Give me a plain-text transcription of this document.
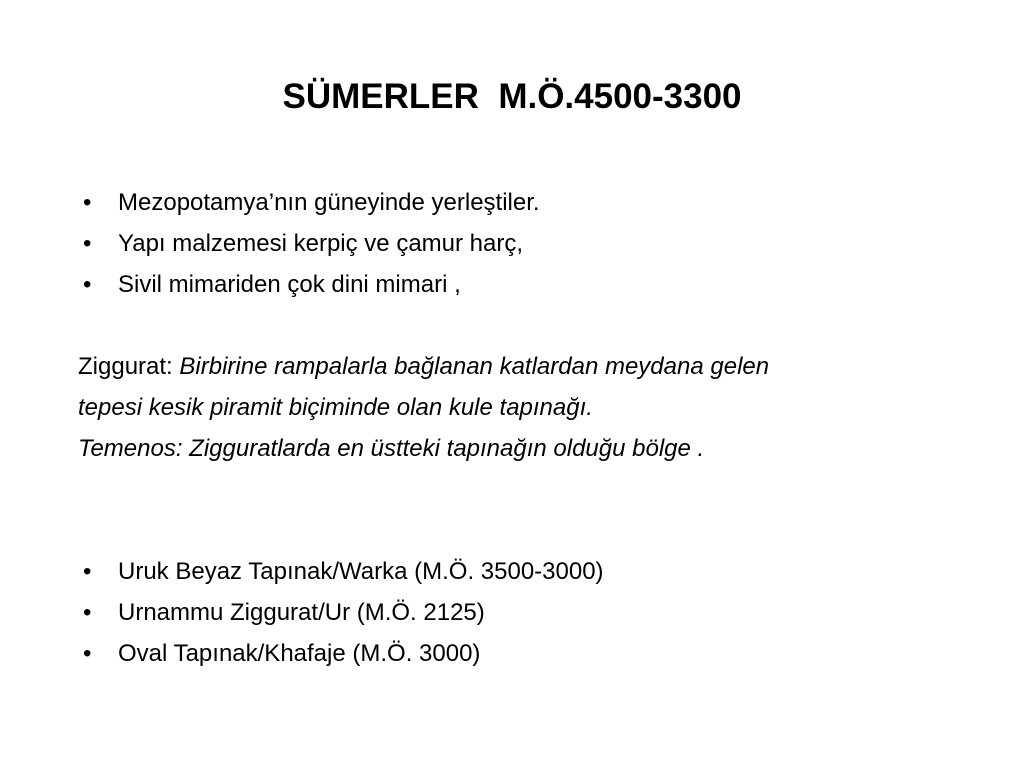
SÜMERLER  M.Ö.4500-3300
• Mezopotamya’nın güneyinde yerleştiler.
• Yapı malzemesi kerpiç ve çamur harç,
• Sivil mimariden çok dini mimari ,
Ziggurat: Birbirine rampalarla bağlanan katlardan meydana gelen
tepesi kesik piramit biçiminde olan kule tapınağı.
Temenos: Zigguratlarda en üstteki tapınağın olduğu bölge .
• Uruk Beyaz Tapınak/Warka (M.Ö. 3500-3000)
• Urnammu Ziggurat/Ur (M.Ö. 2125)
• Oval Tapınak/Khafaje (M.Ö. 3000)
